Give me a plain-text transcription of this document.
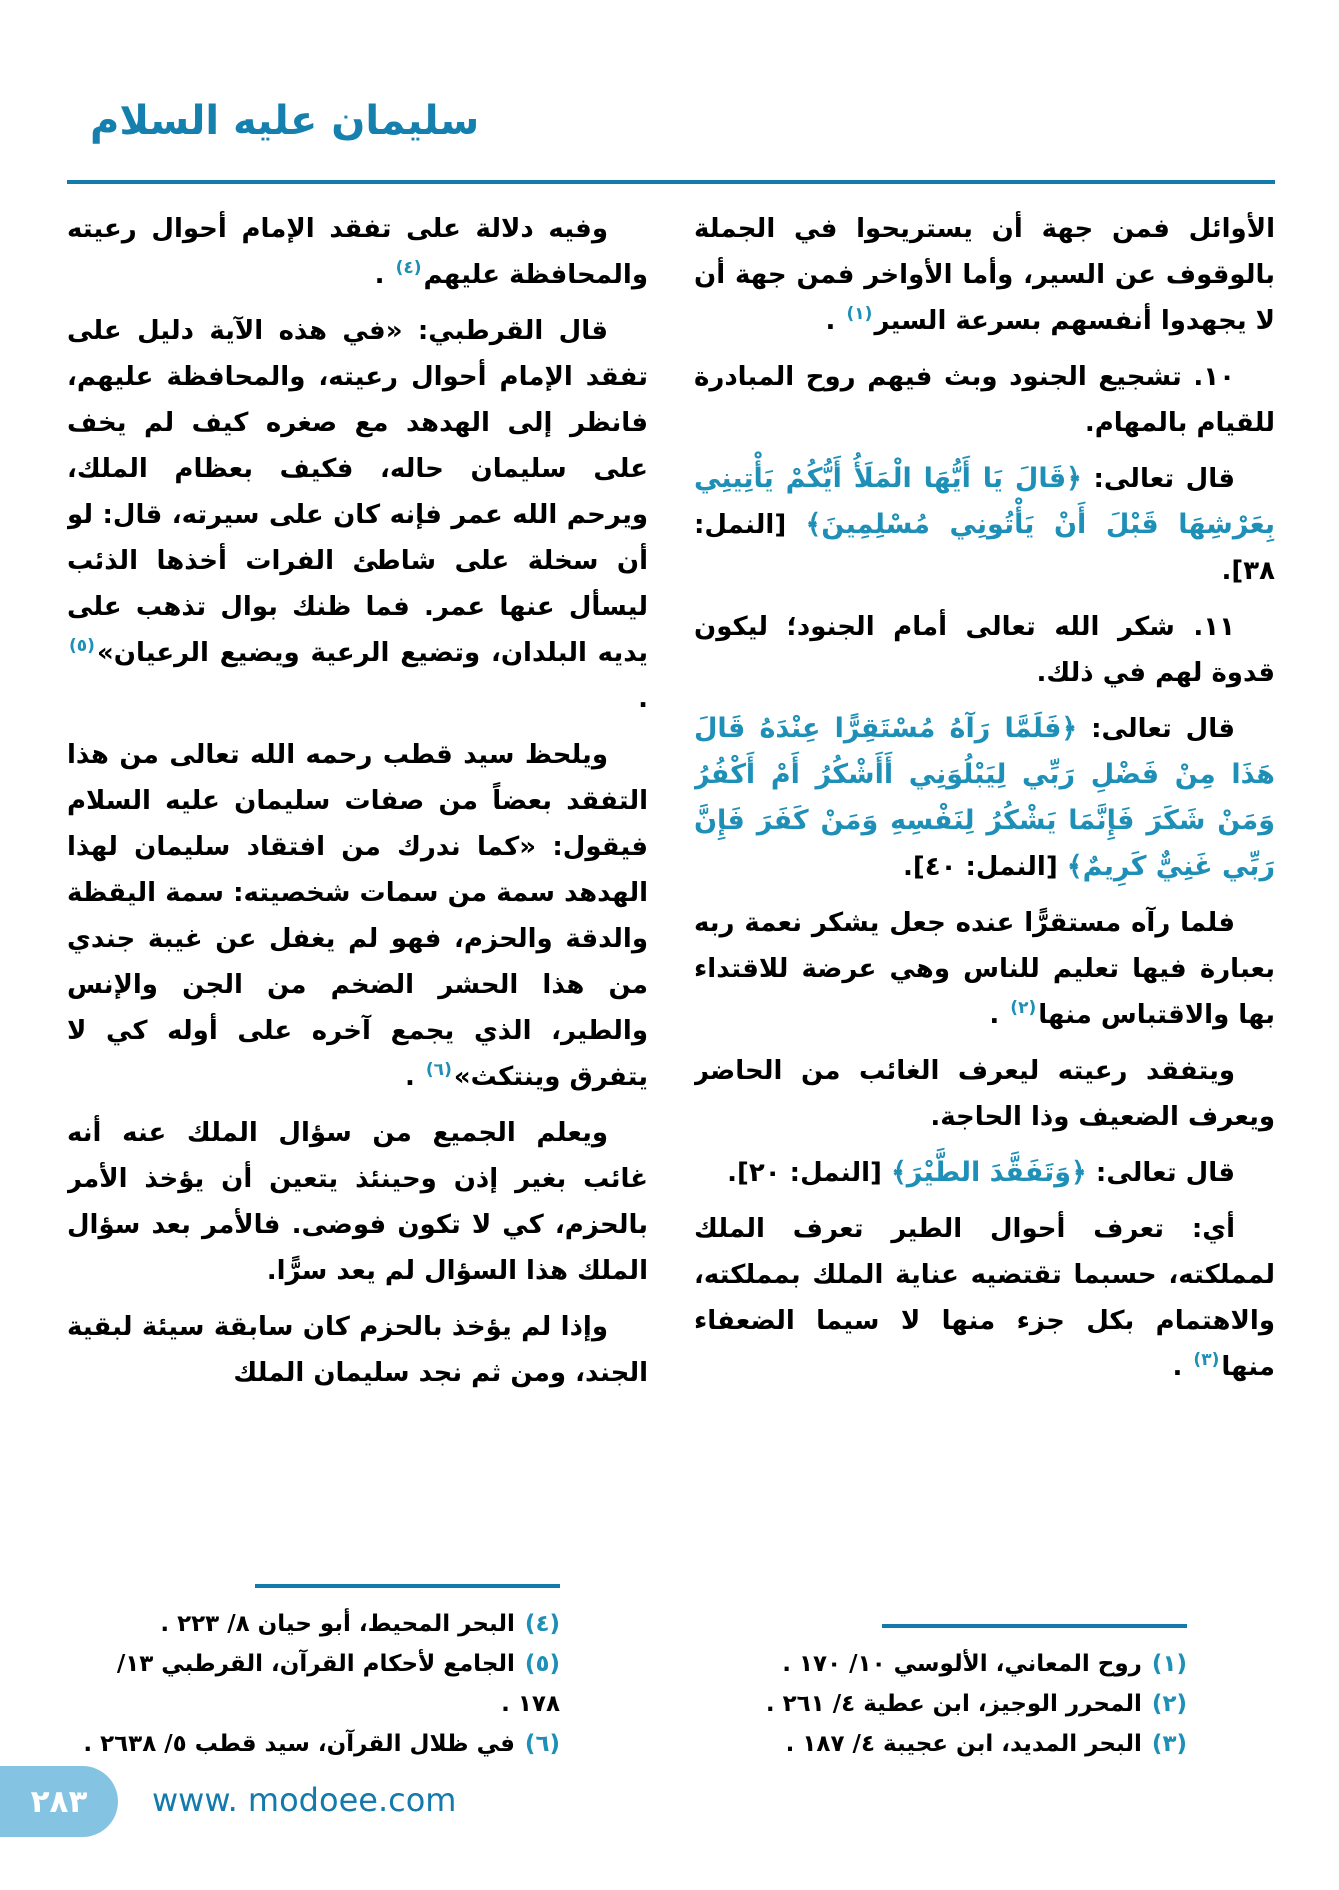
سليمان عليه السلام

الأوائل فمن جهة أن يستريحوا في الجملة بالوقوف عن السير، وأما الأواخر فمن جهة أن لا يجهدوا أنفسهم بسرعة السير$^{(١)}$ .

١٠. تشجيع الجنود وبث فيهم روح المبادرة للقيام بالمهام.

قال تعالى: ﴿قَالَ يَا أَيُّهَا الْمَلَأُ أَيُّكُمْ يَأْتِينِي بِعَرْشِهَا قَبْلَ أَنْ يَأْتُونِي مُسْلِمِينَ﴾ [النمل: ٣٨].

١١. شكر الله تعالى أمام الجنود؛ ليكون قدوة لهم في ذلك.

قال تعالى: ﴿فَلَمَّا رَآهُ مُسْتَقِرًّا عِنْدَهُ قَالَ هَذَا مِنْ فَضْلِ رَبِّي لِيَبْلُوَنِي أَأَشْكُرُ أَمْ أَكْفُرُ وَمَنْ شَكَرَ فَإِنَّمَا يَشْكُرُ لِنَفْسِهِ وَمَنْ كَفَرَ فَإِنَّ رَبِّي غَنِيٌّ كَرِيمٌ﴾ [النمل: ٤٠].

فلما رآه مستقرًّا عنده جعل يشكر نعمة ربه بعبارة فيها تعليم للناس وهي عرضة للاقتداء بها والاقتباس منها$^{(٢)}$ .

ويتفقد رعيته ليعرف الغائب من الحاضر ويعرف الضعيف وذا الحاجة.

قال تعالى: ﴿وَتَفَقَّدَ الطَّيْرَ﴾ [النمل: ٢٠].

أي: تعرف أحوال الطير تعرف الملك لمملكته، حسبما تقتضيه عناية الملك بمملكته، والاهتمام بكل جزء منها لا سيما الضعفاء منها$^{(٣)}$ .

(١)روح المعاني، الألوسي ١٠/ ١٧٠ .
(٢)المحرر الوجيز، ابن عطية ٤/ ٢٦١ .
(٣)البحر المديد، ابن عجيبة ٤/ ١٨٧ .

وفيه دلالة على تفقد الإمام أحوال رعيته والمحافظة عليهم$^{(٤)}$ .

قال القرطبي: «في هذه الآية دليل على تفقد الإمام أحوال رعيته، والمحافظة عليهم، فانظر إلى الهدهد مع صغره كيف لم يخف على سليمان حاله، فكيف بعظام الملك، ويرحم الله عمر فإنه كان على سيرته، قال: لو أن سخلة على شاطئ الفرات أخذها الذئب ليسأل عنها عمر. فما ظنك بوال تذهب على يديه البلدان، وتضيع الرعية ويضيع الرعيان»$^{(٥)}$ .

ويلحظ سيد قطب رحمه الله تعالى من هذا التفقد بعضاً من صفات سليمان عليه السلام فيقول: «كما ندرك من افتقاد سليمان لهذا الهدهد سمة من سمات شخصيته: سمة اليقظة والدقة والحزم، فهو لم يغفل عن غيبة جندي من هذا الحشر الضخم من الجن والإنس والطير، الذي يجمع آخره على أوله كي لا يتفرق وينتكث»$^{(٦)}$ .

ويعلم الجميع من سؤال الملك عنه أنه غائب بغير إذن وحينئذ يتعين أن يؤخذ الأمر بالحزم، كي لا تكون فوضى. فالأمر بعد سؤال الملك هذا السؤال لم يعد سرًّا.

وإذا لم يؤخذ بالحزم كان سابقة سيئة لبقية الجند، ومن ثم نجد سليمان الملك

(٤)البحر المحيط، أبو حيان ٨/ ٢٢٣ .
(٥)الجامع لأحكام القرآن، القرطبي ١٣/ ١٧٨ .
(٦)في ظلال القرآن، سيد قطب ٥/ ٢٦٣٨ .
٢٨٣ www. modoee.com
